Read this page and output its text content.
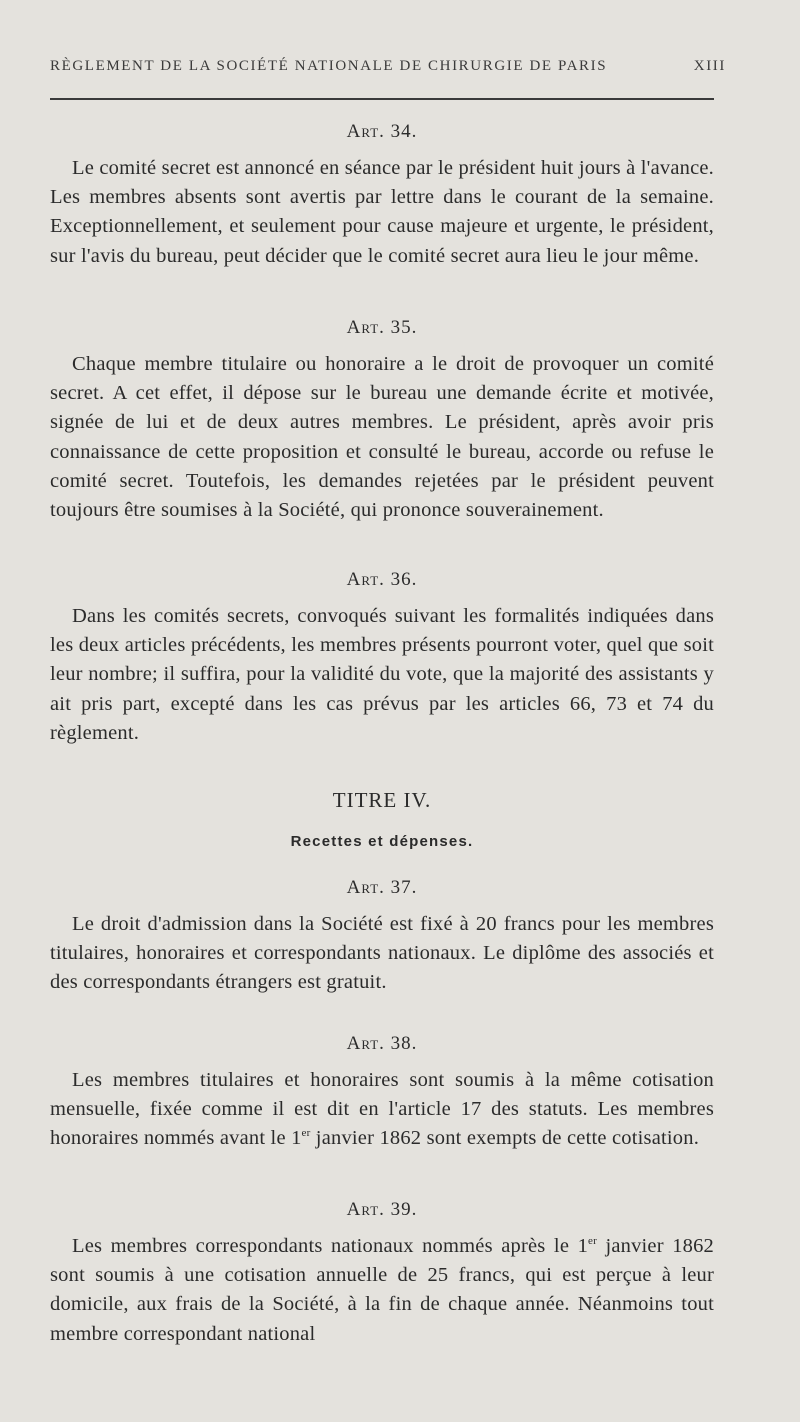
RÈGLEMENT DE LA SOCIÉTÉ NATIONALE DE CHIRURGIE DE PARIS	XIII
Art. 34.

Le comité secret est annoncé en séance par le président huit jours à l'avance. Les membres absents sont avertis par lettre dans le courant de la semaine. Exceptionnellement, et seulement pour cause majeure et urgente, le président, sur l'avis du bureau, peut décider que le comité secret aura lieu le jour même.

Art. 35.

Chaque membre titulaire ou honoraire a le droit de provoquer un comité secret. A cet effet, il dépose sur le bureau une demande écrite et motivée, signée de lui et de deux autres membres. Le président, après avoir pris connaissance de cette proposition et consulté le bureau, accorde ou refuse le comité secret. Toutefois, les demandes rejetées par le président peuvent toujours être soumises à la Société, qui prononce souverainement.

Art. 36.

Dans les comités secrets, convoqués suivant les formalités indiquées dans les deux articles précédents, les membres présents pourront voter, quel que soit leur nombre; il suffira, pour la validité du vote, que la majorité des assistants y ait pris part, excepté dans les cas prévus par les articles 66, 73 et 74 du règlement.

TITRE IV.
Recettes et dépenses.
Art. 37.

Le droit d'admission dans la Société est fixé à 20 francs pour les membres titulaires, honoraires et correspondants nationaux. Le diplôme des associés et des correspondants étrangers est gratuit.

Art. 38.

Les membres titulaires et honoraires sont soumis à la même cotisation mensuelle, fixée comme il est dit en l'article 17 des statuts. Les membres honoraires nommés avant le 1er janvier 1862 sont exempts de cette cotisation.

Art. 39.

Les membres correspondants nationaux nommés après le 1er janvier 1862 sont soumis à une cotisation annuelle de 25 francs, qui est perçue à leur domicile, aux frais de la Société, à la fin de chaque année. Néanmoins tout membre correspondant national
